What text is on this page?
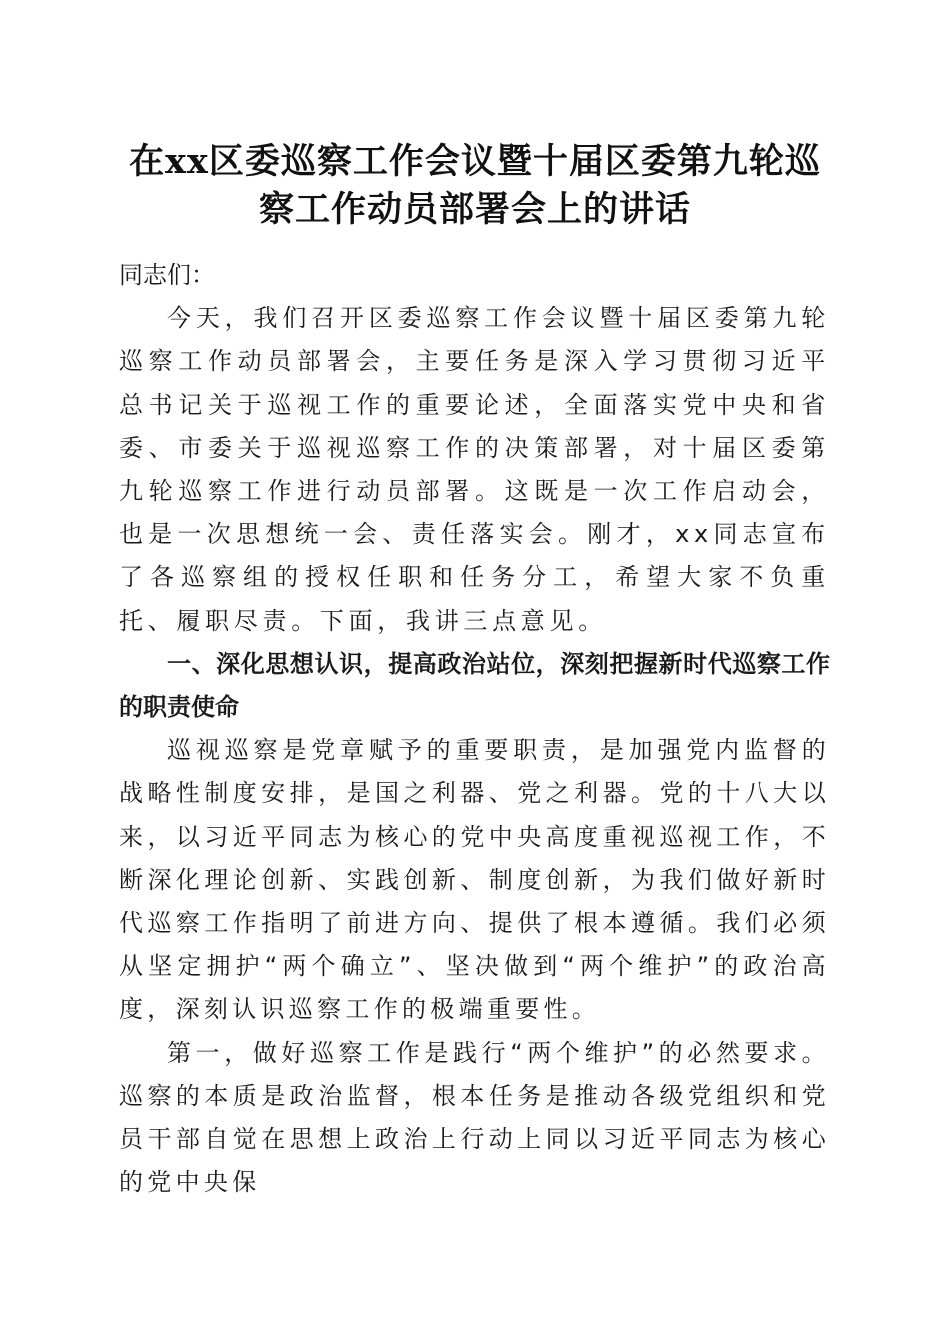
在xx区委巡察工作会议暨十届区委第九轮巡
察工作动员部署会上的讲话

同志们：

今天，我们召开区委巡察工作会议暨十届区委第九轮巡察工作动员部署会，主要任务是深入学习贯彻习近平总书记关于巡视工作的重要论述，全面落实党中央和省委、市委关于巡视巡察工作的决策部署，对十届区委第九轮巡察工作进行动员部署。这既是一次工作启动会，也是一次思想统一会、责任落实会。刚才，xx同志宣布了各巡察组的授权任职和任务分工，希望大家不负重托、履职尽责。下面，我讲三点意见。

一、深化思想认识，提高政治站位，深刻把握新时代巡察工作的职责使命

巡视巡察是党章赋予的重要职责，是加强党内监督的战略性制度安排，是国之利器、党之利器。党的十八大以来，以习近平同志为核心的党中央高度重视巡视工作，不断深化理论创新、实践创新、制度创新，为我们做好新时代巡察工作指明了前进方向、提供了根本遵循。我们必须从坚定拥护“两个确立”、坚决做到“两个维护”的政治高度，深刻认识巡察工作的极端重要性。

第一，做好巡察工作是践行“两个维护”的必然要求。巡察的本质是政治监督，根本任务是推动各级党组织和党员干部自觉在思想上政治上行动上同以习近平同志为核心的党中央保
